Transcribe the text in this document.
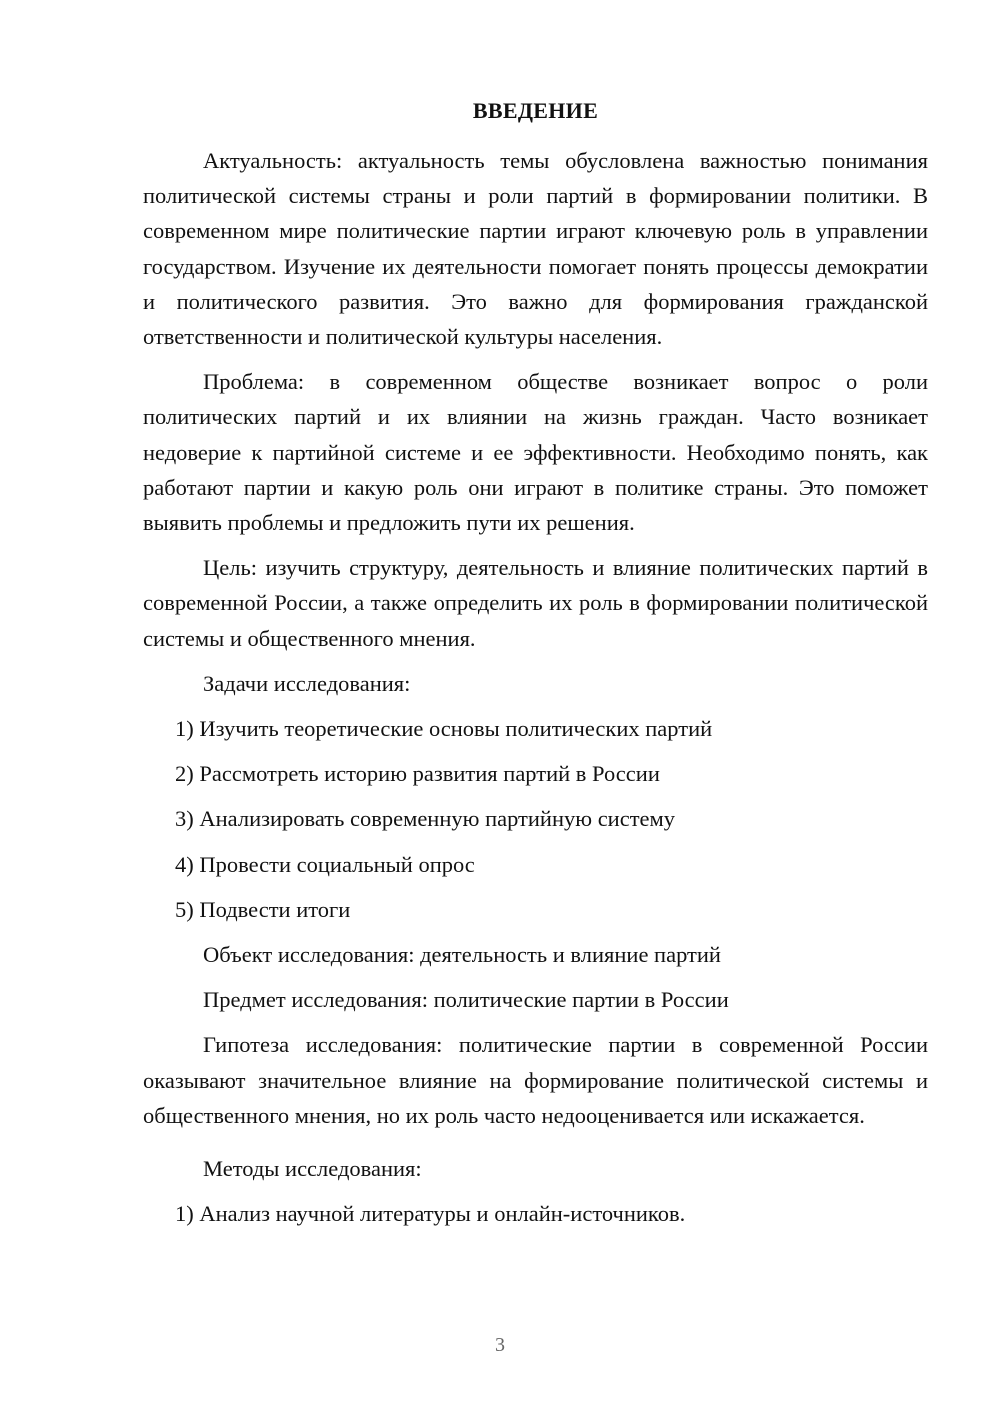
ВВЕДЕНИЕ

Актуальность: актуальность темы обусловлена важностью понимания политической системы страны и роли партий в формировании политики. В современном мире политические партии играют ключевую роль в управлении государством. Изучение их деятельности помогает понять процессы демократии и политического развития. Это важно для формирования гражданской ответственности и политической культуры населения.

Проблема: в современном обществе возникает вопрос о роли политических партий и их влиянии на жизнь граждан. Часто возникает недоверие к партийной системе и ее эффективности. Необходимо понять, как работают партии и какую роль они играют в политике страны. Это поможет выявить проблемы и предложить пути их решения.

Цель: изучить структуру, деятельность и влияние политических партий в современной России, а также определить их роль в формировании политической системы и общественного мнения.

Задачи исследования:

1) Изучить теоретические основы политических партий

2) Рассмотреть историю развития партий в России

3) Анализировать современную партийную систему

4) Провести социальный опрос

5) Подвести итоги

Объект исследования: деятельность и влияние партий

Предмет исследования: политические партии в России

Гипотеза исследования: политические партии в современной России оказывают значительное влияние на формирование политической системы и общественного мнения, но их роль часто недооценивается или искажается.

Методы исследования:

1) Анализ научной литературы и онлайн-источников.

3
